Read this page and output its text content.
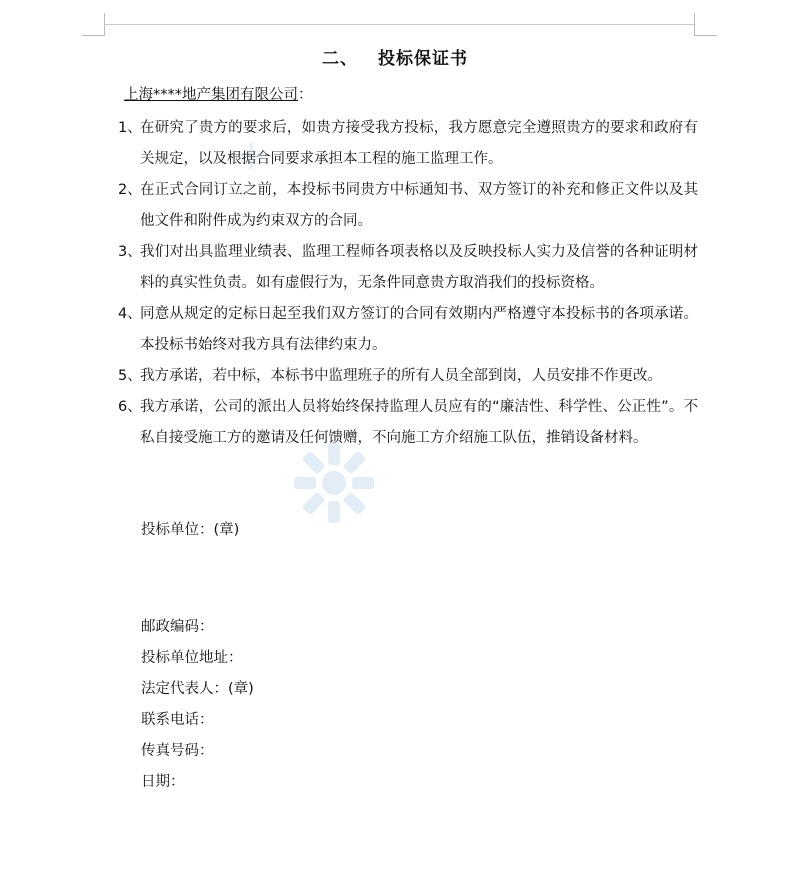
二、 投标保证书
上海****地产集团有限公司：
1、
在研究了贵方的要求后，如贵方接受我方投标，我方愿意完全遵照贵方的要求和政府有关规定，以及根据合同要求承担本工程的施工监理工作。
2、
在正式合同订立之前，本投标书同贵方中标通知书、双方签订的补充和修正文件以及其他文件和附件成为约束双方的合同。
3、
我们对出具监理业绩表、监理工程师各项表格以及反映投标人实力及信誉的各种证明材料的真实性负责。如有虚假行为，无条件同意贵方取消我们的投标资格。
4、
同意从规定的定标日起至我们双方签订的合同有效期内严格遵守本投标书的各项承诺。本投标书始终对我方具有法律约束力。
5、
我方承诺，若中标，本标书中监理班子的所有人员全部到岗，人员安排不作更改。
6、
我方承诺，公司的派出人员将始终保持监理人员应有的“廉洁性、科学性、公正性”。不私自接受施工方的邀请及任何馈赠，不向施工方介绍施工队伍，推销设备材料。
投标单位：(章)
邮政编码：
投标单位地址：
法定代表人：(章)
联系电话：
传真号码：
日期：
